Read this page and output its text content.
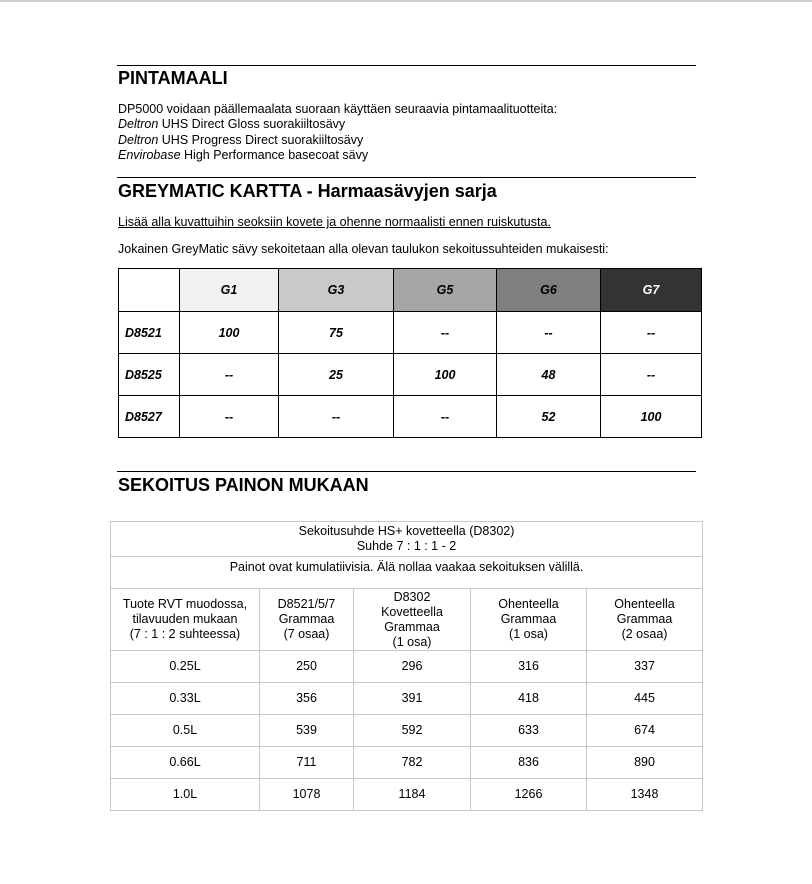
PINTAMAALI
DP5000 voidaan päällemaalata suoraan käyttäen seuraavia pintamaalituotteita:
Deltron UHS Direct Gloss suorakiiltosävy
Deltron UHS Progress Direct suorakiiltosävy
Envirobase High Performance basecoat sävy
GREYMATIC KARTTA - Harmaasävyjen sarja
Lisää alla kuvattuihin seoksiin kovete ja ohenne normaalisti ennen ruiskutusta.
Jokainen GreyMatic sävy sekoitetaan alla olevan taulukon sekoitussuhteiden mukaisesti:
	G1	G3	G5	G6	G7
D8521	100	75	--	--	--
D8525	--	25	100	48	--
D8527	--	--	--	52	100
SEKOITUS PAINON MUKAAN
Sekoitusuhde HS+ kovetteella (D8302)
Suhde 7 : 1 : 1 - 2				

Painot ovat kumulatiivisia. Älä nollaa vaakaa sekoituksen välillä.				

Tuote RVT muodossa,
tilavuuden mukaan
(7 : 1 : 2 suhteessa)	D8521/5/7
Grammaa
(7 osaa)	D8302
Kovetteella
Grammaa
(1 osa)	Ohenteella
Grammaa
(1 osa)	Ohenteella
Grammaa
(2 osaa)

0.25L	250	296	316	337
0.33L	356	391	418	445
0.5L	539	592	633	674
0.66L	711	782	836	890
1.0L	1078	1184	1266	1348
